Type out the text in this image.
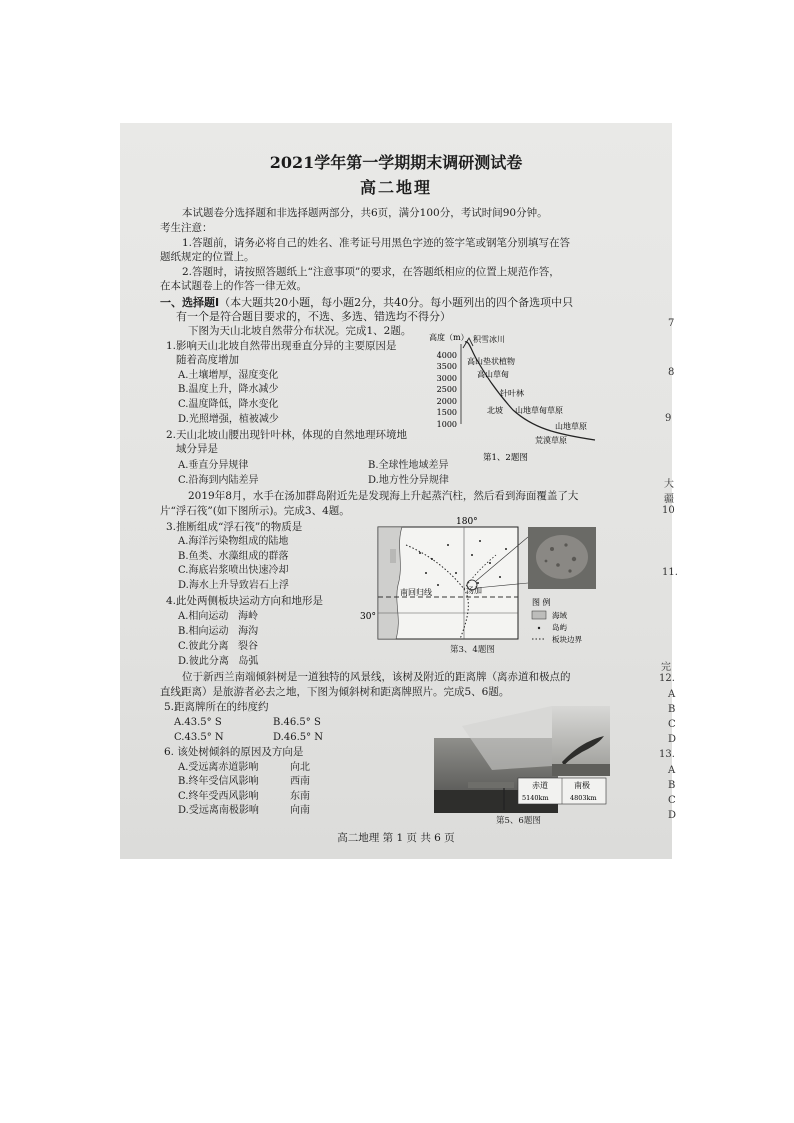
2021学年第一学期期末调研测试卷
高二地理
本试题卷分选择题和非选择题两部分，共6页，满分100分，考试时间90分钟。
考生注意：
1.答题前，请务必将自己的姓名、准考证号用黑色字迹的签字笔或钢笔分别填写在答
题纸规定的位置上。
2.答题时，请按照答题纸上“注意事项”的要求，在答题纸相应的位置上规范作答，
在本试题卷上的作答一律无效。
一、选择题Ⅰ（本大题共20小题，每小题2分，共40分。每小题列出的四个备选项中只
有一个是符合题目要求的，不选、多选、错选均不得分）
下图为天山北坡自然带分布状况。完成1、2题。
1.影响天山北坡自然带出现垂直分异的主要原因是
随着高度增加
A.土壤增厚，湿度变化
B.温度上升，降水减少
C.温度降低，降水变化
D.光照增强，植被减少
2.天山北坡山腰出现针叶林，体现的自然地理环境地
域分异是
A.垂直分异规律	B.全球性地域差异
C.沿海到内陆差异	D.地方性分异规律
高度（m）
4000
3500
3000
2500
2000
1500
1000
积雪冰川
高山垫状植物
高山草甸
针叶林
北坡 山地草甸草原
山地草原
荒漠草原
第1、2题图
2019年8月，水手在汤加群岛附近先是发现海上升起蒸汽柱，然后看到海面覆盖了大
片“浮石筏”(如下图所示)。完成3、4题。
3.推断组成“浮石筏”的物质是
A.海洋污染物组成的陆地
B.鱼类、水藻组成的群落
C.海底岩浆喷出快速冷却
D.海水上升导致岩石上浮
4.此处两侧板块运动方向和地形是
A.相向运动 海岭
B.相向运动 海沟
C.彼此分离 裂谷
D.彼此分离 岛弧
180°
30°
南回归线	汤加
图 例
海域
岛屿
板块边界
第3、4题图
位于新西兰南端倾斜树是一道独特的风景线，该树及附近的距离牌（离赤道和极点的
直线距离）是旅游者必去之地，下图为倾斜树和距离牌照片。完成5、6题。
5.距离牌所在的纬度约
A.43.5° S	B.46.5° S
C.43.5° N	D.46.5° N
6. 该处树倾斜的原因及方向是
A.受远离赤道影响	向北
B.终年受信风影响	西南
C.终年受西风影响	东南
D.受远离南极影响	向南
赤道	南极
5140km	4803km
第5、6题图
高二地理 第 1 页 共 6 页
7
8
9
大
疆
10
11.
完
12.
A
B
C
D
13.
A
B
C
D
